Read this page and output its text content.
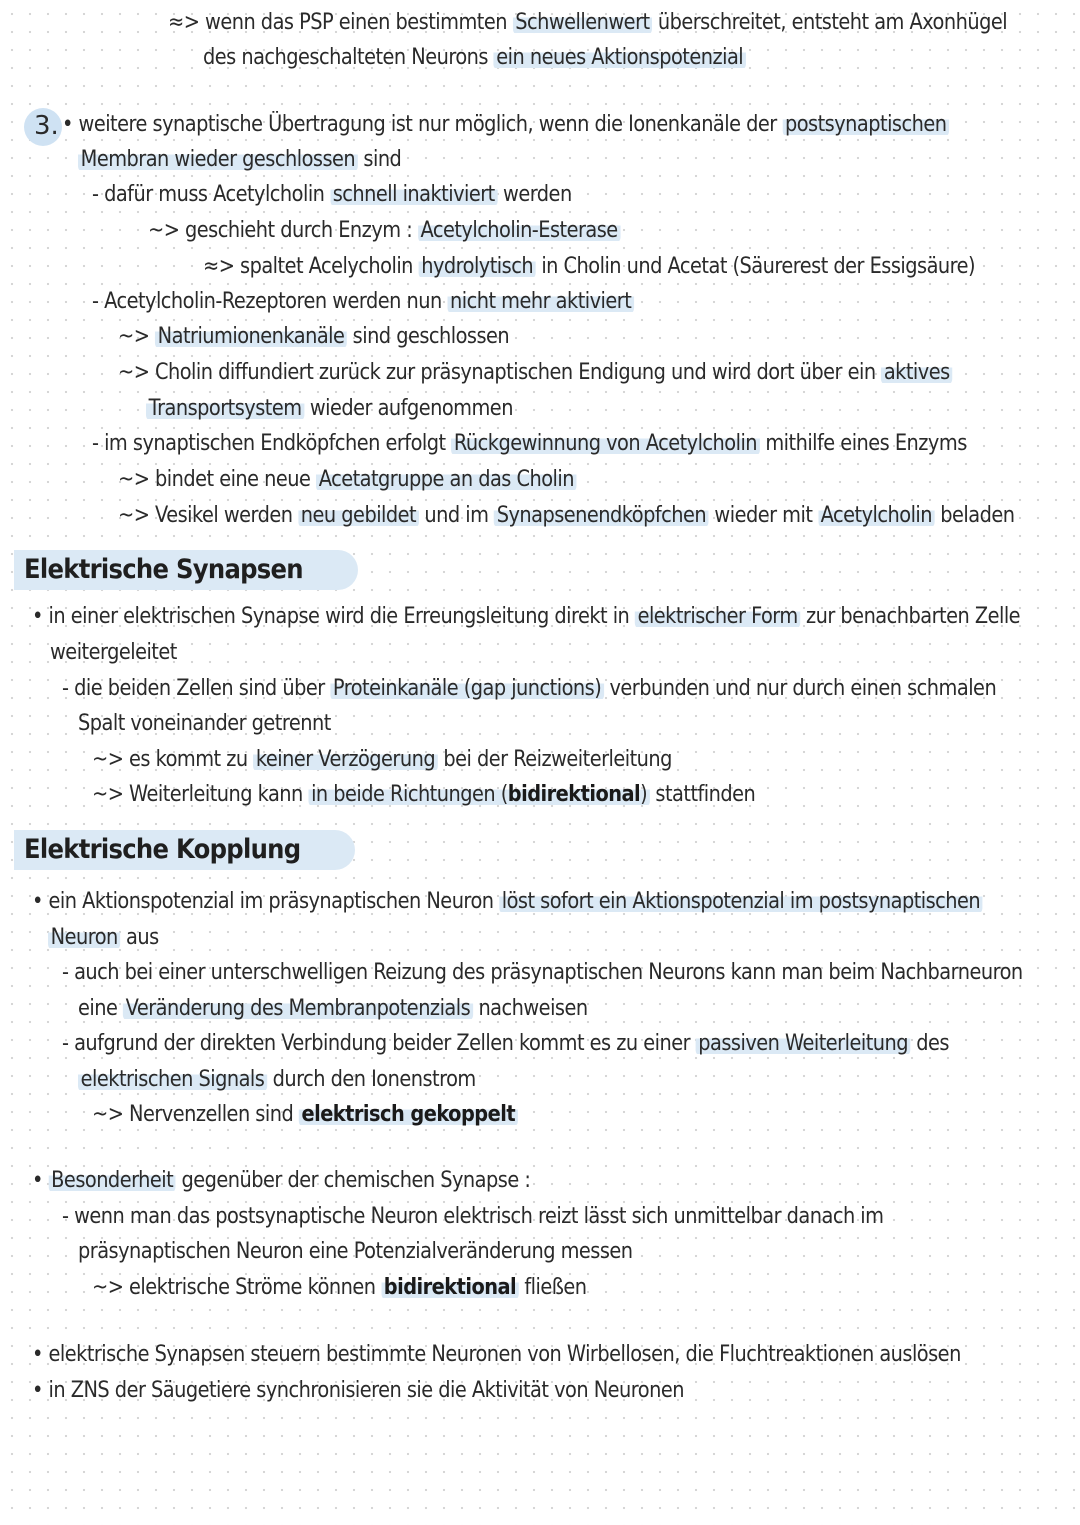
≈> wenn das PSP einen bestimmten Schwellenwert überschreitet, entsteht am Axonhügel
des nachgeschalteten Neurons ein neues Aktionspotenzial
3. • weitere synaptische Übertragung ist nur möglich, wenn die Ionenkanäle der postsynaptischen
Membran wieder geschlossen sind
- dafür muss Acetylcholin schnell inaktiviert werden
~> geschieht durch Enzym : Acetylcholin-Esterase
≈> spaltet Acelycholin hydrolytisch in Cholin und Acetat (Säurerest der Essigsäure)
- Acetylcholin-Rezeptoren werden nun nicht mehr aktiviert
~> Natriumionenkanäle sind geschlossen
~> Cholin diffundiert zurück zur präsynaptischen Endigung und wird dort über ein aktives
Transportsystem wieder aufgenommen
- im synaptischen Endköpfchen erfolgt Rückgewinnung von Acetylcholin mithilfe eines Enzyms
~> bindet eine neue Acetatgruppe an das Cholin
~> Vesikel werden neu gebildet und im Synapsenendköpfchen wieder mit Acetylcholin beladen
Elektrische Synapsen
• in einer elektrischen Synapse wird die Erreungsleitung direkt in elektrischer Form zur benachbarten Zelle
weitergeleitet
- die beiden Zellen sind über Proteinkanäle (gap junctions) verbunden und nur durch einen schmalen
Spalt voneinander getrennt
~> es kommt zu keiner Verzögerung bei der Reizweiterleitung
~> Weiterleitung kann in beide Richtungen (bidirektional) stattfinden
Elektrische Kopplung
• ein Aktionspotenzial im präsynaptischen Neuron löst sofort ein Aktionspotenzial im postsynaptischen
Neuron aus
- auch bei einer unterschwelligen Reizung des präsynaptischen Neurons kann man beim Nachbarneuron
eine Veränderung des Membranpotenzials nachweisen
- aufgrund der direkten Verbindung beider Zellen kommt es zu einer passiven Weiterleitung des
elektrischen Signals durch den Ionenstrom
~> Nervenzellen sind elektrisch gekoppelt
• Besonderheit gegenüber der chemischen Synapse :
- wenn man das postsynaptische Neuron elektrisch reizt lässt sich unmittelbar danach im
präsynaptischen Neuron eine Potenzialveränderung messen
~> elektrische Ströme können bidirektional fließen
• elektrische Synapsen steuern bestimmte Neuronen von Wirbellosen, die Fluchtreaktionen auslösen
• in ZNS der Säugetiere synchronisieren sie die Aktivität von Neuronen
